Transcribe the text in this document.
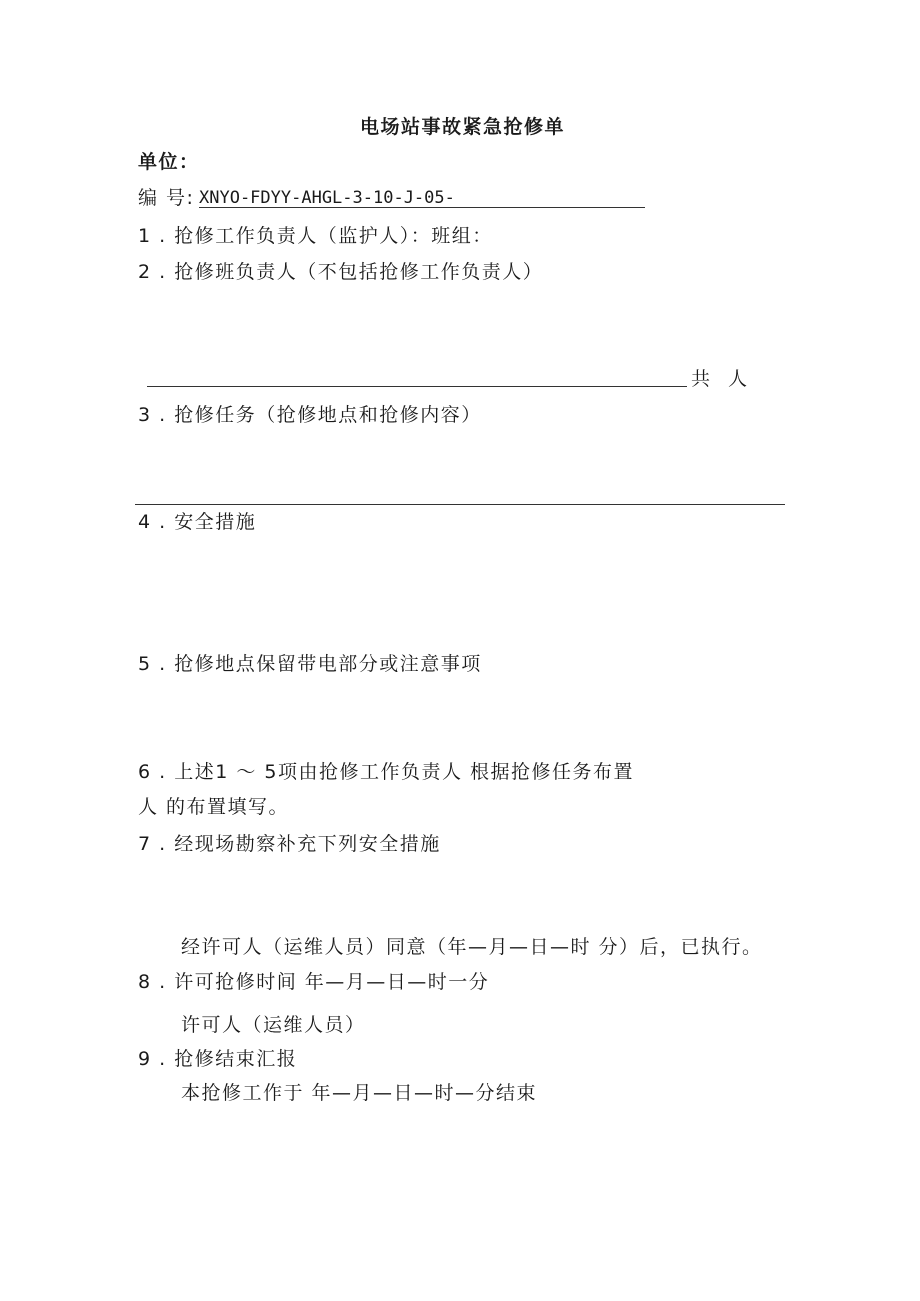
电场站事故紧急抢修单
单位：
编 号: XNYO-FDYY-AHGL-3-10-J-05-
1 . 抢修工作负责人（监护人）：班组：
2 . 抢修班负责人（不包括抢修工作负责人）
共 人
3 . 抢修任务（抢修地点和抢修内容）
4 . 安全措施
5 . 抢修地点保留带电部分或注意事项
6 . 上述1 ～ 5项由抢修工作负责人 根据抢修任务布置
人 的布置填写。
7 . 经现场勘察补充下列安全措施
经许可人（运维人员）同意（年—月—日—时 分）后，已执行。
8 . 许可抢修时间 年—月—日—时一分
许可人（运维人员）
9 . 抢修结束汇报
本抢修工作于 年—月—日—时—分结束
